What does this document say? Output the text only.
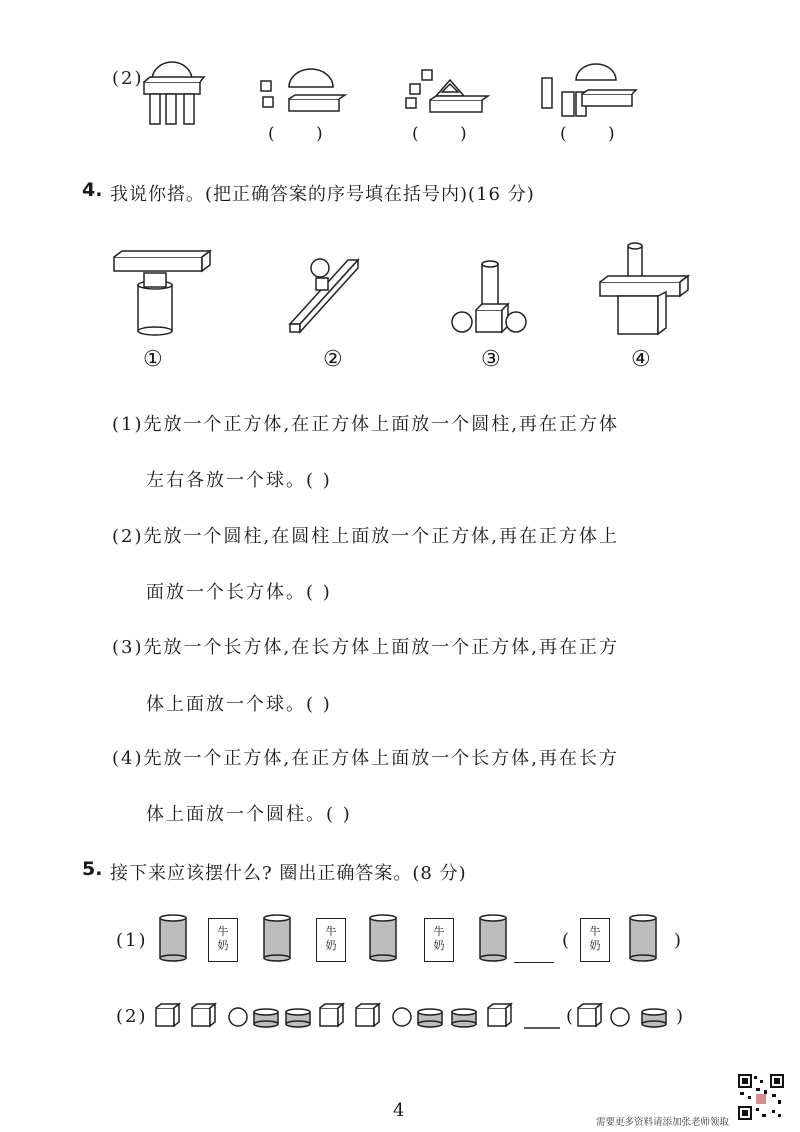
(2)
( )	( )	( )
4. 我说你搭。(把正确答案的序号填在括号内)(16 分)
①	②	③	④
(1)先放一个正方体,在正方体上面放一个圆柱,再在正方体
左右各放一个球。( )
(2)先放一个圆柱,在圆柱上面放一个正方体,再在正方体上
面放一个长方体。( )
(3)先放一个长方体,在长方体上面放一个正方体,再在正方
体上面放一个球。( )
(4)先放一个正方体,在正方体上面放一个长方体,再在长方
体上面放一个圆柱。( )
5. 接下来应该摆什么? 圈出正确答案。(8 分)
(1)	牛
奶
牛
奶
牛
奶
牛
奶
(	)
(2)	(	)
4
需要更多资料请添加张老师领取
